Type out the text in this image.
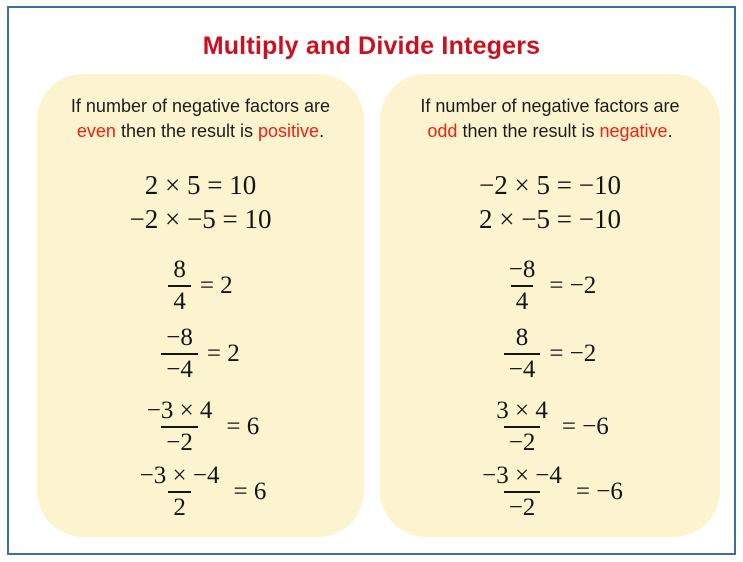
Multiply and Divide Integers
If number of negative factors are
even then the result is positive.
2 × 5 = 10
−2 × −5 = 10
$\frac{8}{4} = 2$
$\frac{-8}{-4} = 2$
$\frac{-3 \times 4}{-2} = 6$
$\frac{-3 \times -4}{2} = 6$
If number of negative factors are
odd then the result is negative.
−2 × 5 = −10
2 × −5 = −10
$\frac{-8}{4} = -2$
$\frac{8}{-4} = -2$
$\frac{3 \times 4}{-2} = -6$
$\frac{-3 \times -4}{-2} = -6$
